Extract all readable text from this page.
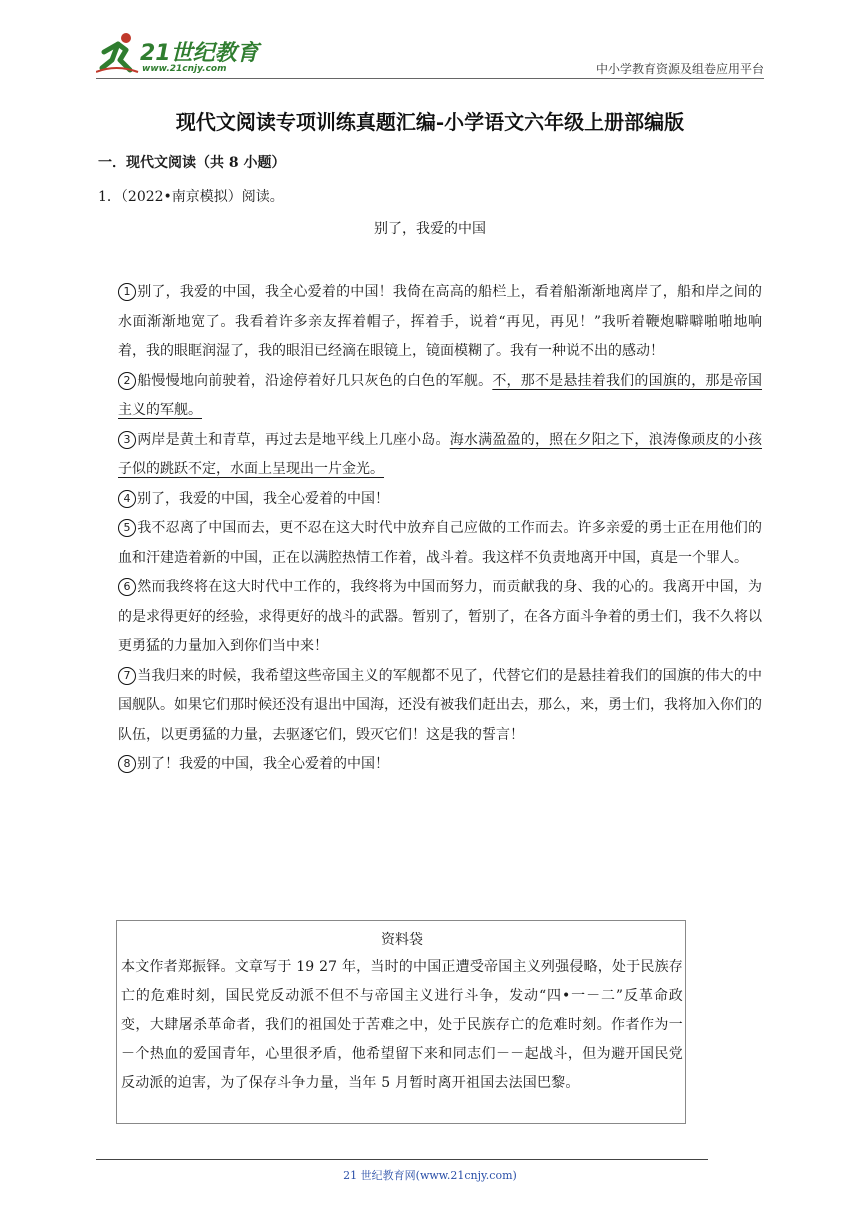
21世纪教育
www.21cnjy.com	中小学教育资源及组卷应用平台
现代文阅读专项训练真题汇编-小学语文六年级上册部编版
一．现代文阅读（共 8 小题）
1．（2022•南京模拟）阅读。
别了，我爱的中国

1 别了，我爱的中国，我全心爱着的中国！我倚在高高的船栏上，看着船渐渐地离岸了，船和岸之间的水面渐渐地宽了。我看着许多亲友挥着帽子，挥着手，说着“再见，再见！”我听着鞭炮噼噼啪啪地响着，我的眼眶润湿了，我的眼泪已经滴在眼镜上，镜面模糊了。我有一种说不出的感动！

2 船慢慢地向前驶着，沿途停着好几只灰色的白色的军舰。不，那不是悬挂着我们的国旗的，那是帝国主义的军舰。

3 两岸是黄土和青草，再过去是地平线上几座小岛。海水满盈盈的，照在夕阳之下，浪涛像顽皮的小孩子似的跳跃不定，水面上呈现出一片金光。

4 别了，我爱的中国，我全心爱着的中国！

5 我不忍离了中国而去，更不忍在这大时代中放弃自己应做的工作而去。许多亲爱的勇士正在用他们的血和汗建造着新的中国，正在以满腔热情工作着，战斗着。我这样不负责地离开中国，真是一个罪人。

6 然而我终将在这大时代中工作的，我终将为中国而努力，而贡献我的身、我的心的。我离开中国，为的是求得更好的经验，求得更好的战斗的武器。暂别了，暂别了，在各方面斗争着的勇士们，我不久将以更勇猛的力量加入到你们当中来！

7 当我归来的时候，我希望这些帝国主义的军舰都不见了，代替它们的是悬挂着我们的国旗的伟大的中国舰队。如果它们那时候还没有退出中国海，还没有被我们赶出去，那么，来，勇士们，我将加入你们的队伍，以更勇猛的力量，去驱逐它们，毁灭它们！这是我的誓言！

8 别了！我爱的中国，我全心爱着的中国！

资料袋

本文作者郑振铎。文章写于 19 27 年，当时的中国正遭受帝国主义列强侵略，处于民族存亡的危难时刻，国民党反动派不但不与帝国主义进行斗争，发动“四•一－二”反革命政变，大肆屠杀革命者，我们的祖国处于苦难之中，处于民族存亡的危难时刻。作者作为一－个热血的爱国青年，心里很矛盾，他希望留下来和同志们－－起战斗，但为避开国民党反动派的迫害，为了保存斗争力量，当年 5 月暂时离开祖国去法国巴黎。

21 世纪教育网(www.21cnjy.com)
